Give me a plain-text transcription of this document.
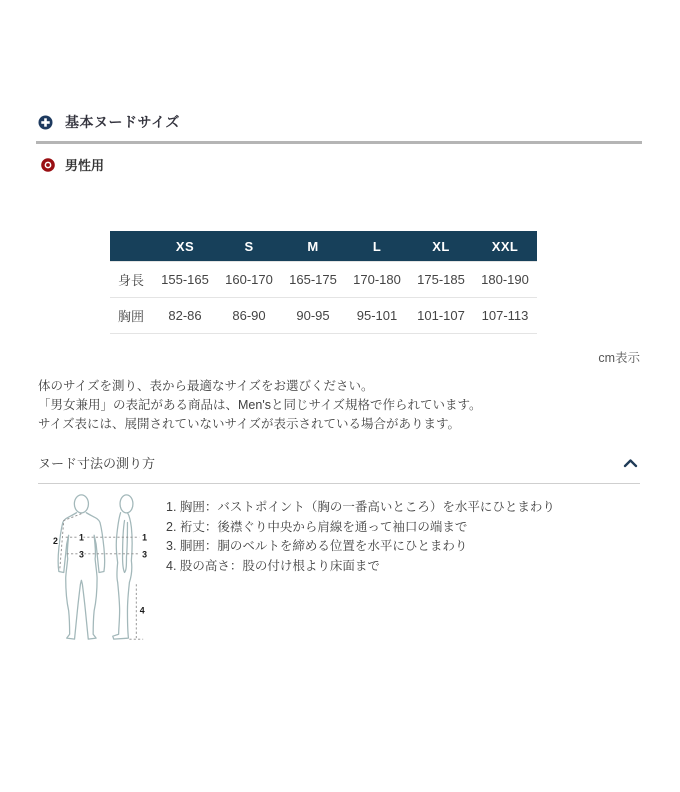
基本ヌードサイズ
男性用
	XS	S	M	L	XL	XXL
身長	155-165	160-170	165-175	170-180	175-185	180-190
胸囲	82-86	86-90	90-95	95-101	101-107	107-113
cm表示

体のサイズを測り、表から最適なサイズをお選びください。

「男女兼用」の表記がある商品は、Men'sと同じサイズ規格で作られています。

サイズ表には、展開されていないサイズが表示されている場合があります。

ヌード寸法の測り方
1
2
3
1
3
4
1. 胸囲：バストポイント（胸の一番高いところ）を水平にひとまわり
2. 裄丈：後襟ぐり中央から肩線を通って袖口の端まで
3. 胴囲：胴のベルトを締める位置を水平にひとまわり
4. 股の高さ：股の付け根より床面まで
